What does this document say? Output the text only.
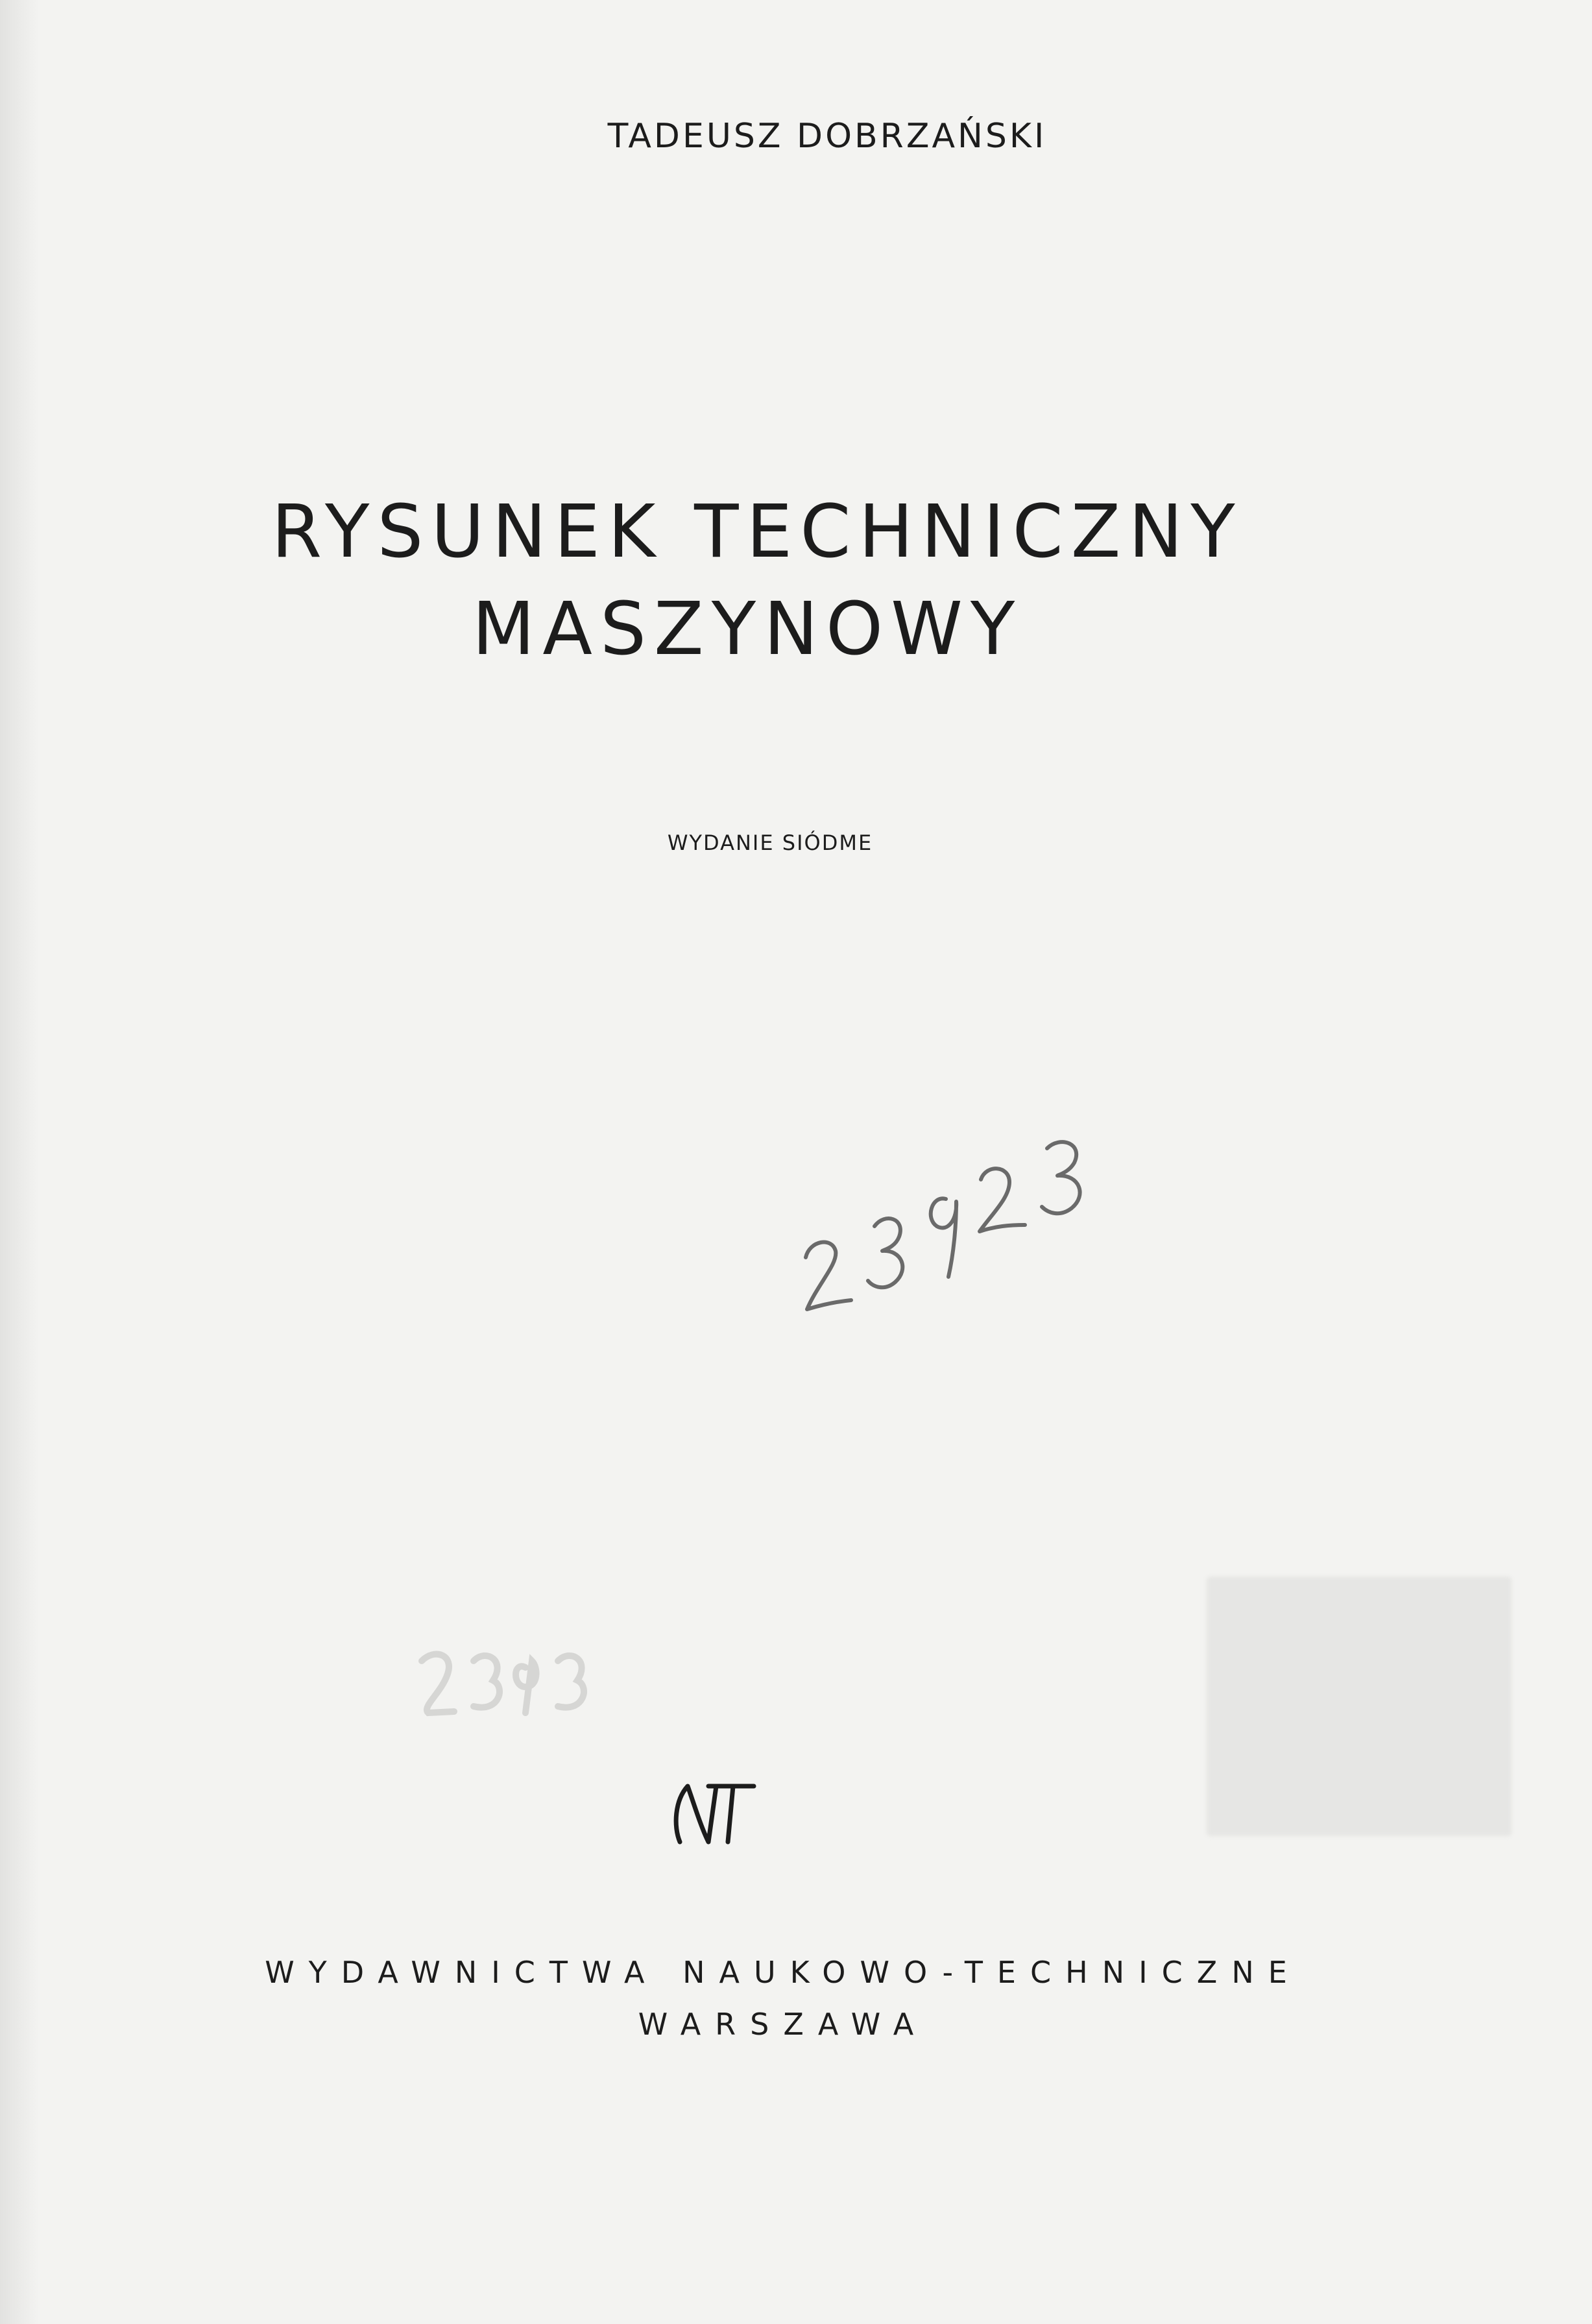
TADEUSZ DOBRZAŃSKI
RYSUNEK TECHNICZNY
MASZYNOWY
WYDANIE SIÓDME
WYDAWNICTWA NAUKOWO-TECHNICZNE
WARSZAWA
